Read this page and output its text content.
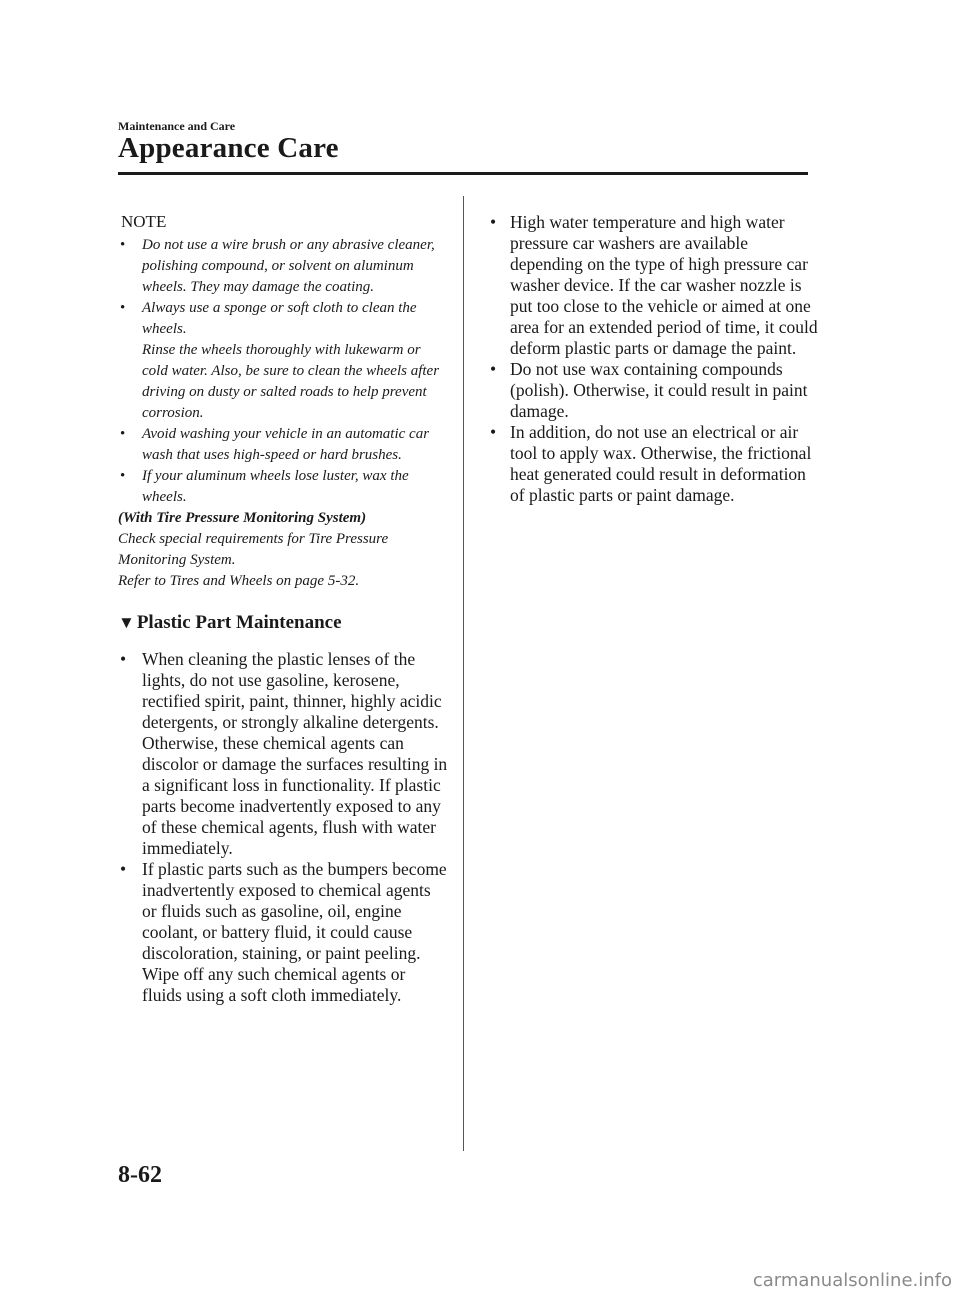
Maintenance and Care
Appearance Care
NOTE
• Do not use a wire brush or any abrasive cleaner, polishing compound, or solvent on aluminum wheels. They may damage the coating.
• Always use a sponge or soft cloth to clean the wheels.
Rinse the wheels thoroughly with lukewarm or cold water. Also, be sure to clean the wheels after driving on dusty or salted roads to help prevent corrosion.
• Avoid washing your vehicle in an automatic car wash that uses high-speed or hard brushes.
• If your aluminum wheels lose luster, wax the wheels.
(With Tire Pressure Monitoring System)
Check special requirements for Tire Pressure Monitoring System.
Refer to Tires and Wheels on page 5-32.
▼ Plastic Part Maintenance
• When cleaning the plastic lenses of the lights, do not use gasoline, kerosene, rectified spirit, paint, thinner, highly acidic detergents, or strongly alkaline detergents. Otherwise, these chemical agents can discolor or damage the surfaces resulting in a significant loss in functionality. If plastic parts become inadvertently exposed to any of these chemical agents, flush with water immediately.
• If plastic parts such as the bumpers become inadvertently exposed to chemical agents or fluids such as gasoline, oil, engine coolant, or battery fluid, it could cause discoloration, staining, or paint peeling. Wipe off any such chemical agents or fluids using a soft cloth immediately.
• High water temperature and high water pressure car washers are available depending on the type of high pressure car washer device. If the car washer nozzle is put too close to the vehicle or aimed at one area for an extended period of time, it could deform plastic parts or damage the paint.
• Do not use wax containing compounds (polish). Otherwise, it could result in paint damage.
• In addition, do not use an electrical or air tool to apply wax. Otherwise, the frictional heat generated could result in deformation of plastic parts or paint damage.
8-62
carmanualsonline.info
